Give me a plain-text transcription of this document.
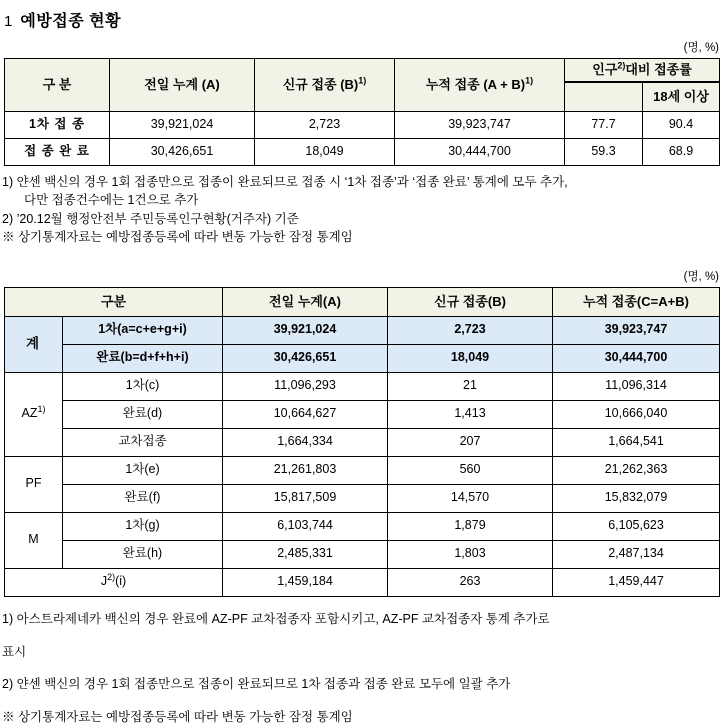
1 예방접종 현황
(명, %)
구 분	전일 누계 (A)	신규 접종 $(B)^{1)}$	누적 접종 $(A + B)^{1)}$	인구$^{2)}$대비 접종률	

					18세 이상
1차 접 종	39,921,024	2,723	39,923,747	77.7	90.4
접 종 완 료	30,426,651	18,049	30,444,700	59.3	68.9

1) 얀센 백신의 경우 1회 접종만으로 접종이 완료되므로 접종 시 ‘1차 접종’과 ‘접종 완료’ 통계에 모두 추가,

다만 접종건수에는 1건으로 추가

2) ’20.12월 행정안전부 주민등록인구현황(거주자) 기준

※ 상기통계자료는 예방접종등록에 따라 변동 가능한 잠정 통계임

(명, %)
구분		전일 누계(A)	신규 접종(B)	누적 접종(C=A+B)
계	1차(a=c+e+g+i)	39,921,024	2,723	39,923,747
	완료(b=d+f+h+i)	30,426,651	18,049	30,444,700
AZ$^{1)}$	1차(c)	11,096,293	21	11,096,314
	완료(d)	10,664,627	1,413	10,666,040
	교차접종	1,664,334	207	1,664,541
PF	1차(e)	21,261,803	560	21,262,363
	완료(f)	15,817,509	14,570	15,832,079
M	1차(g)	6,103,744	1,879	6,105,623
	완료(h)	2,485,331	1,803	2,487,134
$J^{2)}(i)$		1,459,184	263	1,459,447

1) 아스트라제네카 백신의 경우 완료에 AZ-PF 교차접종자 포함시키고, AZ-PF 교차접종자 통계 추가로

표시

2) 얀센 백신의 경우 1회 접종만으로 접종이 완료되므로 1차 접종과 접종 완료 모두에 일괄 추가

※ 상기통계자료는 예방접종등록에 따라 변동 가능한 잠정 통계임
